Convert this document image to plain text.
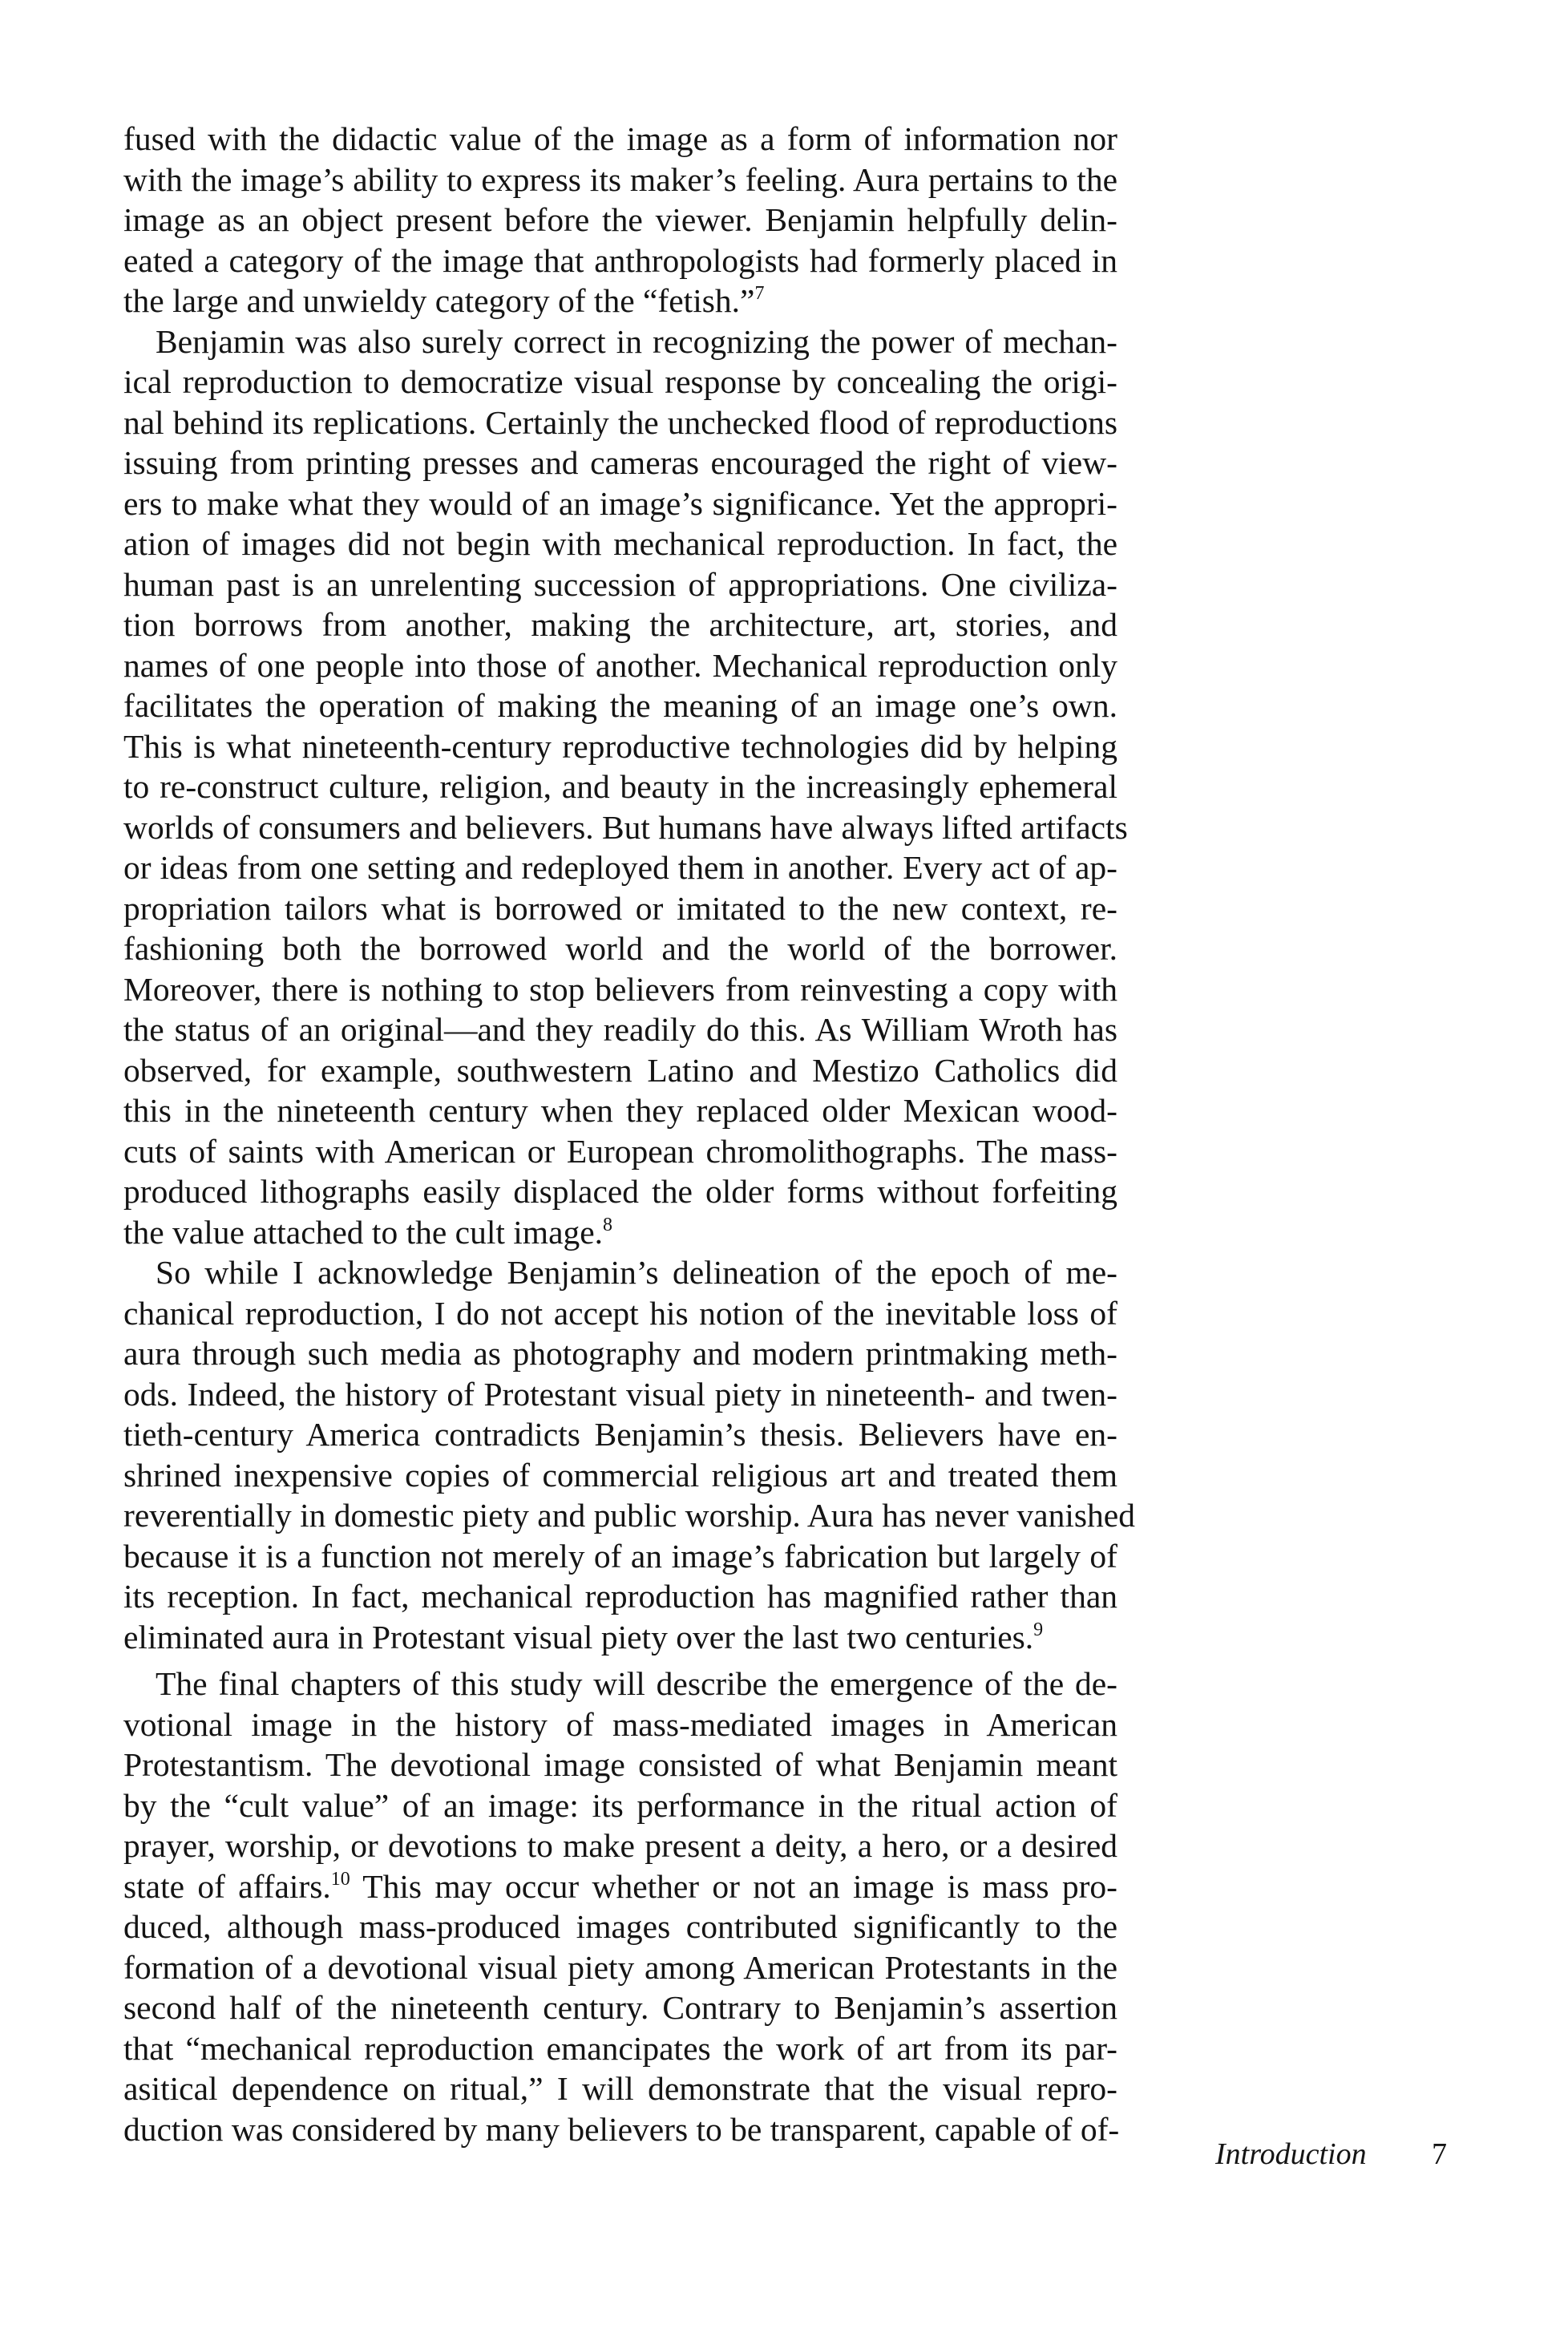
fused with the didactic value of the image as a form of information nor
with the image’s ability to express its maker’s feeling. Aura pertains to the
image as an object present before the viewer. Benjamin helpfully delin-
eated a category of the image that anthropologists had formerly placed in
the large and unwieldy category of the “fetish.”$^7$
Benjamin was also surely correct in recognizing the power of mechan-
ical reproduction to democratize visual response by concealing the origi-
nal behind its replications. Certainly the unchecked flood of reproductions
issuing from printing presses and cameras encouraged the right of view-
ers to make what they would of an image’s significance. Yet the appropri-
ation of images did not begin with mechanical reproduction. In fact, the
human past is an unrelenting succession of appropriations. One civiliza-
tion borrows from another, making the architecture, art, stories, and
names of one people into those of another. Mechanical reproduction only
facilitates the operation of making the meaning of an image one’s own.
This is what nineteenth-century reproductive technologies did by helping
to re-construct culture, religion, and beauty in the increasingly ephemeral
worlds of consumers and believers. But humans have always lifted artifacts
or ideas from one setting and redeployed them in another. Every act of ap-
propriation tailors what is borrowed or imitated to the new context, re-
fashioning both the borrowed world and the world of the borrower.
Moreover, there is nothing to stop believers from reinvesting a copy with
the status of an original—and they readily do this. As William Wroth has
observed, for example, southwestern Latino and Mestizo Catholics did
this in the nineteenth century when they replaced older Mexican wood-
cuts of saints with American or European chromolithographs. The mass-
produced lithographs easily displaced the older forms without forfeiting
the value attached to the cult image.$^8$
So while I acknowledge Benjamin’s delineation of the epoch of me-
chanical reproduction, I do not accept his notion of the inevitable loss of
aura through such media as photography and modern printmaking meth-
ods. Indeed, the history of Protestant visual piety in nineteenth- and twen-
tieth-century America contradicts Benjamin’s thesis. Believers have en-
shrined inexpensive copies of commercial religious art and treated them
reverentially in domestic piety and public worship. Aura has never vanished
because it is a function not merely of an image’s fabrication but largely of
its reception. In fact, mechanical reproduction has magnified rather than
eliminated aura in Protestant visual piety over the last two centuries.$^9$
The final chapters of this study will describe the emergence of the de-
votional image in the history of mass-mediated images in American
Protestantism. The devotional image consisted of what Benjamin meant
by the “cult value” of an image: its performance in the ritual action of
prayer, worship, or devotions to make present a deity, a hero, or a desired
state of affairs.$^{10}$ This may occur whether or not an image is mass pro-
duced, although mass-produced images contributed significantly to the
formation of a devotional visual piety among American Protestants in the
second half of the nineteenth century. Contrary to Benjamin’s assertion
that “mechanical reproduction emancipates the work of art from its par-
asitical dependence on ritual,” I will demonstrate that the visual repro-
duction was considered by many believers to be transparent, capable of of-
Introduction 7
